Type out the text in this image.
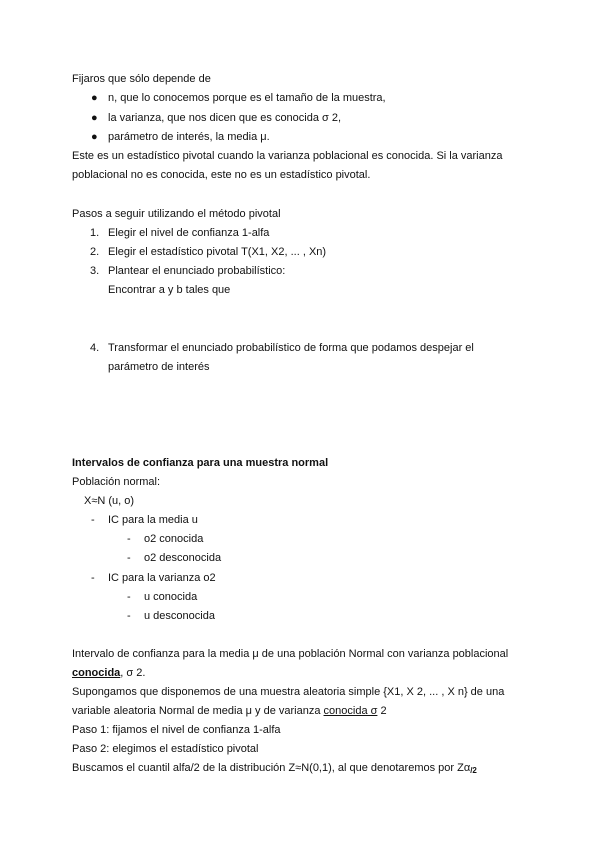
Fijaros que sólo depende de
● n, que lo conocemos porque es el tamaño de la muestra,
● la varianza, que nos dicen que es conocida σ 2,
● parámetro de interés, la media μ.
Este es un estadístico pivotal cuando la varianza poblacional es conocida. Si la varianza
poblacional no es conocida, este no es un estadístico pivotal.
Pasos a seguir utilizando el método pivotal
1. Elegir el nivel de confianza 1-alfa
2. Elegir el estadístico pivotal T(X1, X2, ... , Xn)
3. Plantear el enunciado probabilístico:
Encontrar a y b tales que
4. Transformar el enunciado probabilístico de forma que podamos despejar el
parámetro de interés
Intervalos de confianza para una muestra normal
Población normal:
X≈N (u, o)
- IC para la media u
- o2 conocida
- o2 desconocida
- IC para la varianza o2
- u conocida
- u desconocida
Intervalo de confianza para la media μ de una población Normal con varianza poblacional
conocida, σ 2.
Supongamos que disponemos de una muestra aleatoria simple {X1, X 2, ... , X n} de una
variable aleatoria Normal de media μ y de varianza conocida σ 2
Paso 1: fijamos el nivel de confianza 1-alfa
Paso 2: elegimos el estadístico pivotal
Buscamos el cuantil alfa/2 de la distribución Z≈N(0,1), al que denotaremos por $Z\alpha_{/2}$
